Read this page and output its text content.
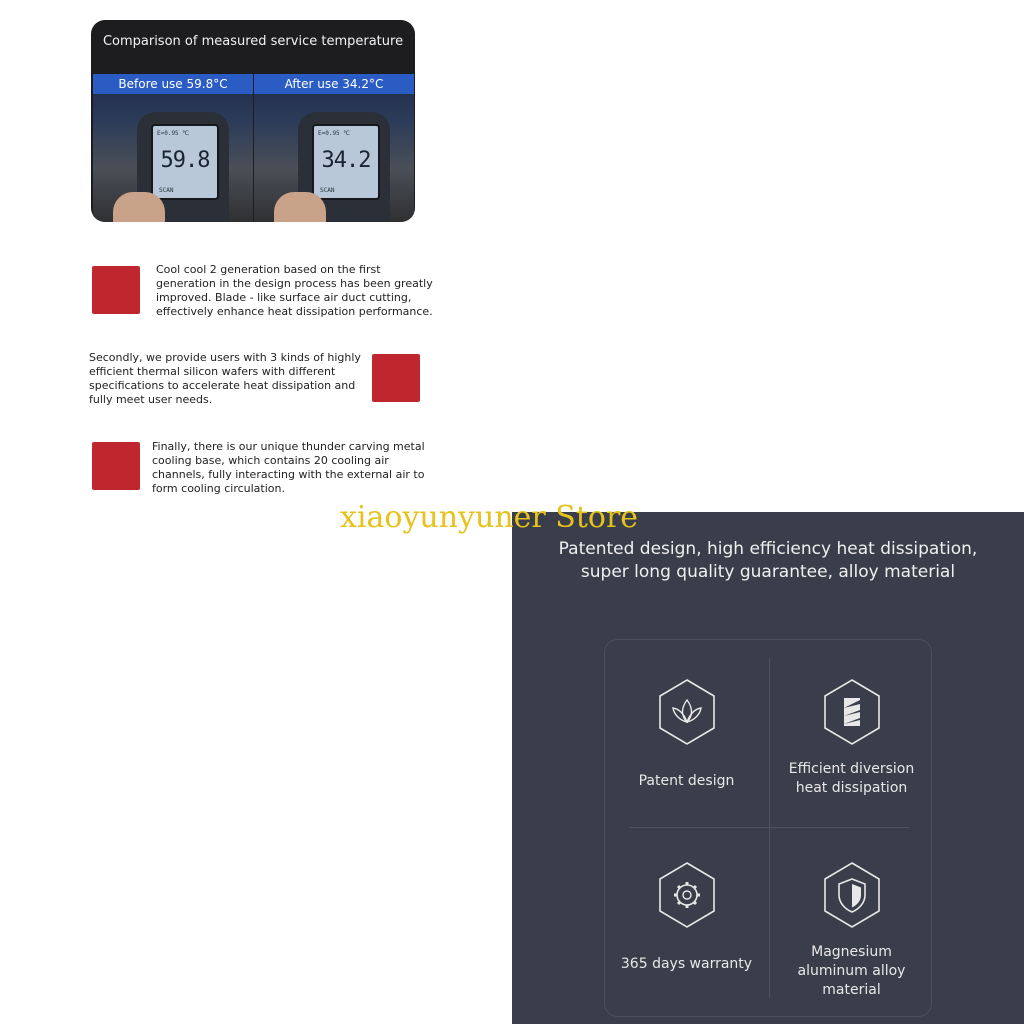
Comparison of measured service temperature
Before use 59.8°C
E=0.95 ℃
59.8
SCAN
After use 34.2°C
E=0.95 ℃
34.2
SCAN
Cool cool 2 generation based on the first generation in the design process has been greatly improved. Blade - like surface air duct cutting, effectively enhance heat dissipation performance.
Secondly, we provide users with 3 kinds of highly efficient thermal silicon wafers with different specifications to accelerate heat dissipation and fully meet user needs.
Finally, there is our unique thunder carving metal cooling base, which contains 20 cooling air channels, fully interacting with the external air to form cooling circulation.
Patented design, high efficiency heat dissipation,
super long quality guarantee, alloy material
Patent design
Efficient diversion heat dissipation
365 days warranty
Magnesium aluminum alloy material
xiaoyunyuner Store
